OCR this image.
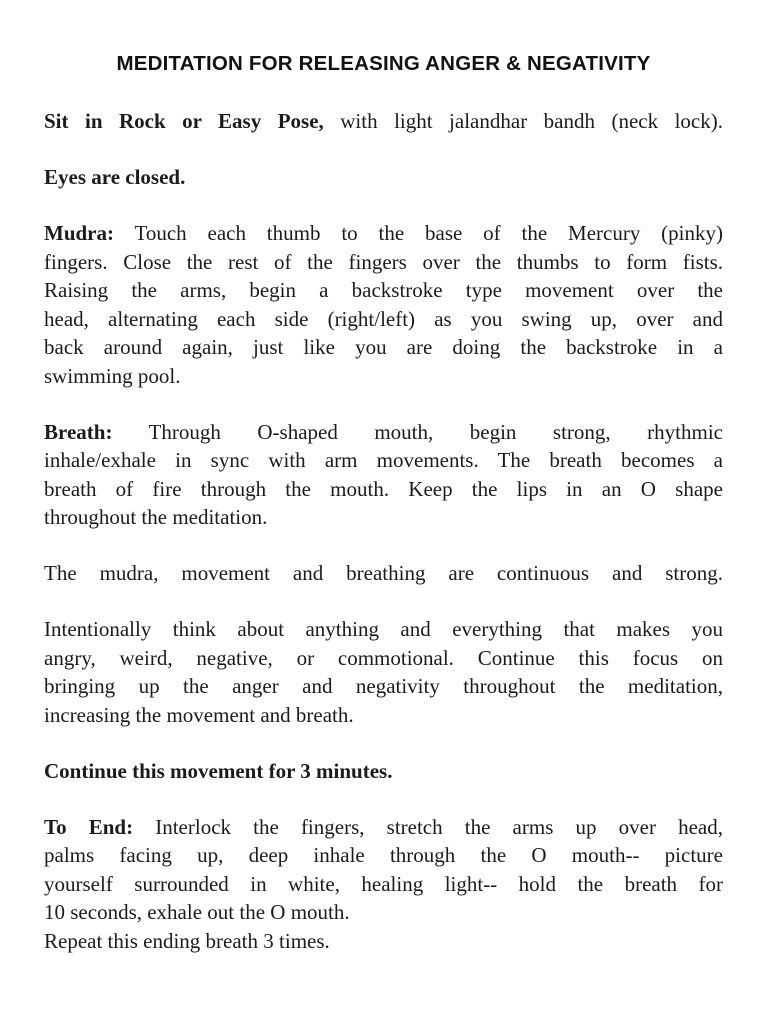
MEDITATION FOR RELEASING ANGER & NEGATIVITY
Sit in Rock or Easy Pose, with light jalandhar bandh (neck lock).
Eyes are closed.
Mudra: Touch each thumb to the base of the Mercury (pinky)
fingers. Close the rest of the fingers over the thumbs to form fists.
Raising the arms, begin a backstroke type movement over the
head, alternating each side (right/left) as you swing up, over and
back around again, just like you are doing the backstroke in a
swimming pool.
Breath: Through O-shaped mouth, begin strong, rhythmic
inhale/exhale in sync with arm movements. The breath becomes a
breath of fire through the mouth. Keep the lips in an O shape
throughout the meditation.
The mudra, movement and breathing are continuous and strong.
Intentionally think about anything and everything that makes you
angry, weird, negative, or commotional. Continue this focus on
bringing up the anger and negativity throughout the meditation,
increasing the movement and breath.
Continue this movement for 3 minutes.
To End: Interlock the fingers, stretch the arms up over head,
palms facing up, deep inhale through the O mouth-- picture
yourself surrounded in white, healing light-- hold the breath for
10 seconds, exhale out the O mouth.
Repeat this ending breath 3 times.
